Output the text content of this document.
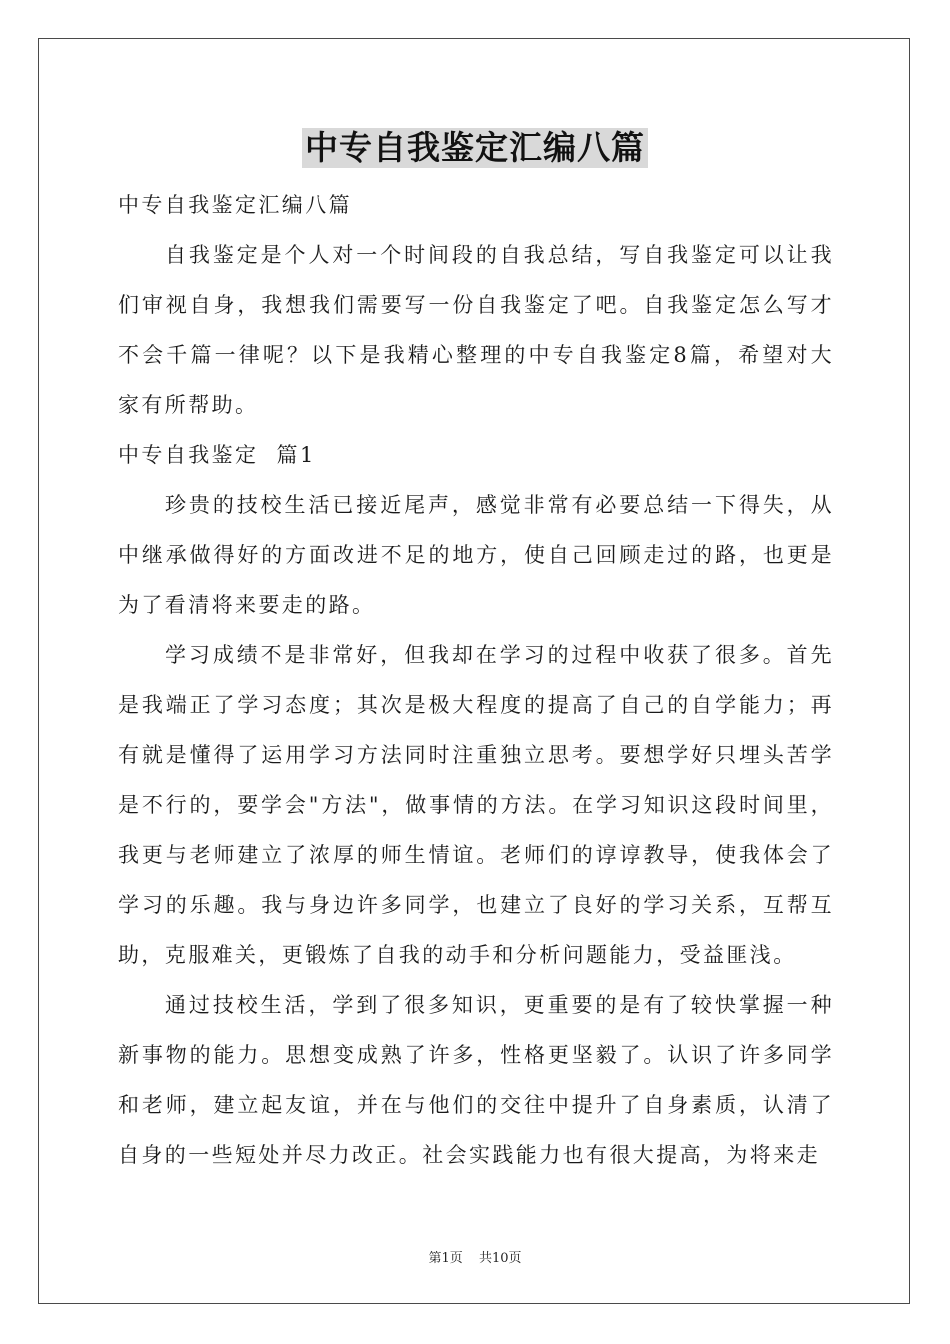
中专自我鉴定汇编八篇

中专自我鉴定汇编八篇

自我鉴定是个人对一个时间段的自我总结，写自我鉴定可以让我们审视自身，我想我们需要写一份自我鉴定了吧。自我鉴定怎么写才不会千篇一律呢？以下是我精心整理的中专自我鉴定8篇，希望对大家有所帮助。

中专自我鉴定  篇1

珍贵的技校生活已接近尾声，感觉非常有必要总结一下得失，从中继承做得好的方面改进不足的地方，使自己回顾走过的路，也更是为了看清将来要走的路。

学习成绩不是非常好，但我却在学习的过程中收获了很多。首先是我端正了学习态度；其次是极大程度的提高了自己的自学能力；再有就是懂得了运用学习方法同时注重独立思考。要想学好只埋头苦学是不行的，要学会"方法"，做事情的方法。在学习知识这段时间里，我更与老师建立了浓厚的师生情谊。老师们的谆谆教导，使我体会了学习的乐趣。我与身边许多同学，也建立了良好的学习关系，互帮互助，克服难关，更锻炼了自我的动手和分析问题能力，受益匪浅。

通过技校生活，学到了很多知识，更重要的是有了较快掌握一种新事物的能力。思想变成熟了许多，性格更坚毅了。认识了许多同学和老师，建立起友谊，并在与他们的交往中提升了自身素质，认清了自身的一些短处并尽力改正。社会实践能力也有很大提高，为将来走

第1页 共10页
